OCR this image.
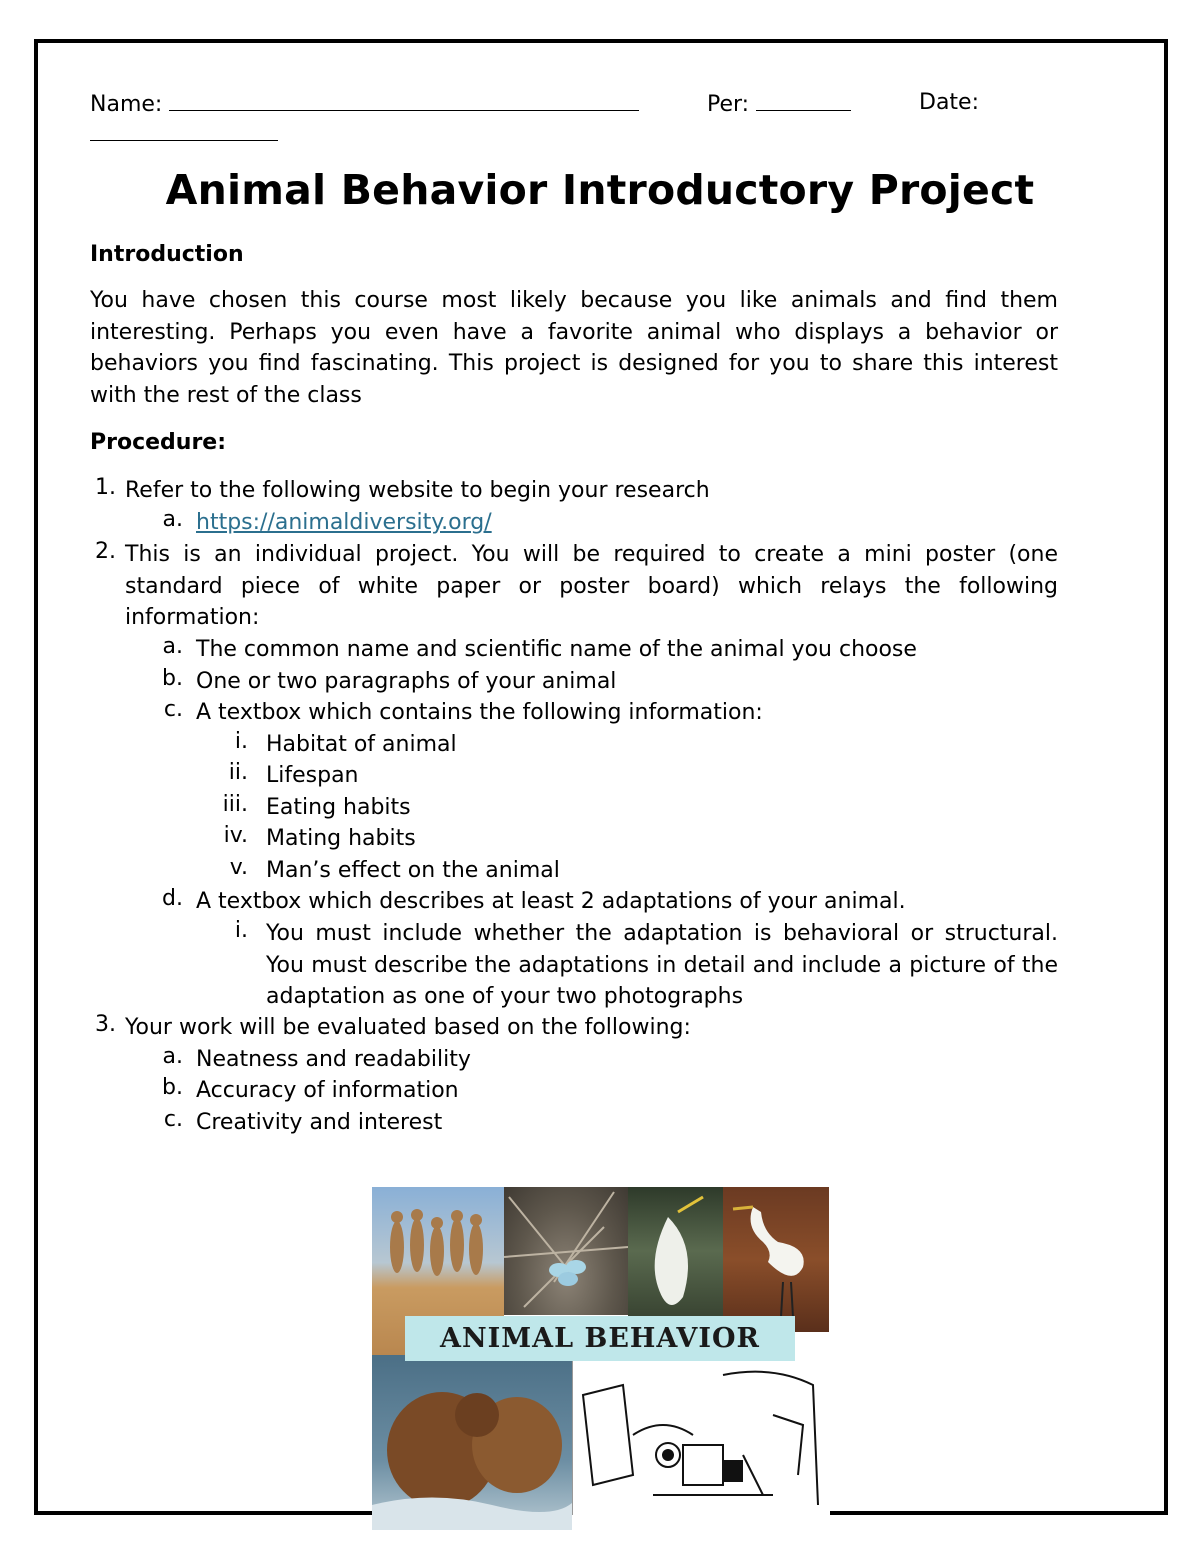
Name:	Per:	Date:
Animal Behavior Introductory Project
Introduction
You have chosen this course most likely because you like animals and find them interesting. Perhaps you even have a favorite animal who displays a behavior or behaviors you find fascinating. This project is designed for you to share this interest with the rest of the class
Procedure:
1. Refer to the following website to begin your research
a. https://animaldiversity.org/
2. This is an individual project. You will be required to create a mini poster (one standard piece of white paper or poster board) which relays the following information:
a. The common name and scientific name of the animal you choose
b. One or two paragraphs of your animal
c. A textbox which contains the following information:
i. Habitat of animal
ii. Lifespan
iii. Eating habits
iv. Mating habits
v. Man’s effect on the animal
d. A textbox which describes at least 2 adaptations of your animal.
i. You must include whether the adaptation is behavioral or structural. You must describe the adaptations in detail and include a picture of the adaptation as one of your two photographs
3. Your work will be evaluated based on the following:
a. Neatness and readability
b. Accuracy of information
c. Creativity and interest
ANIMAL BEHAVIOR
